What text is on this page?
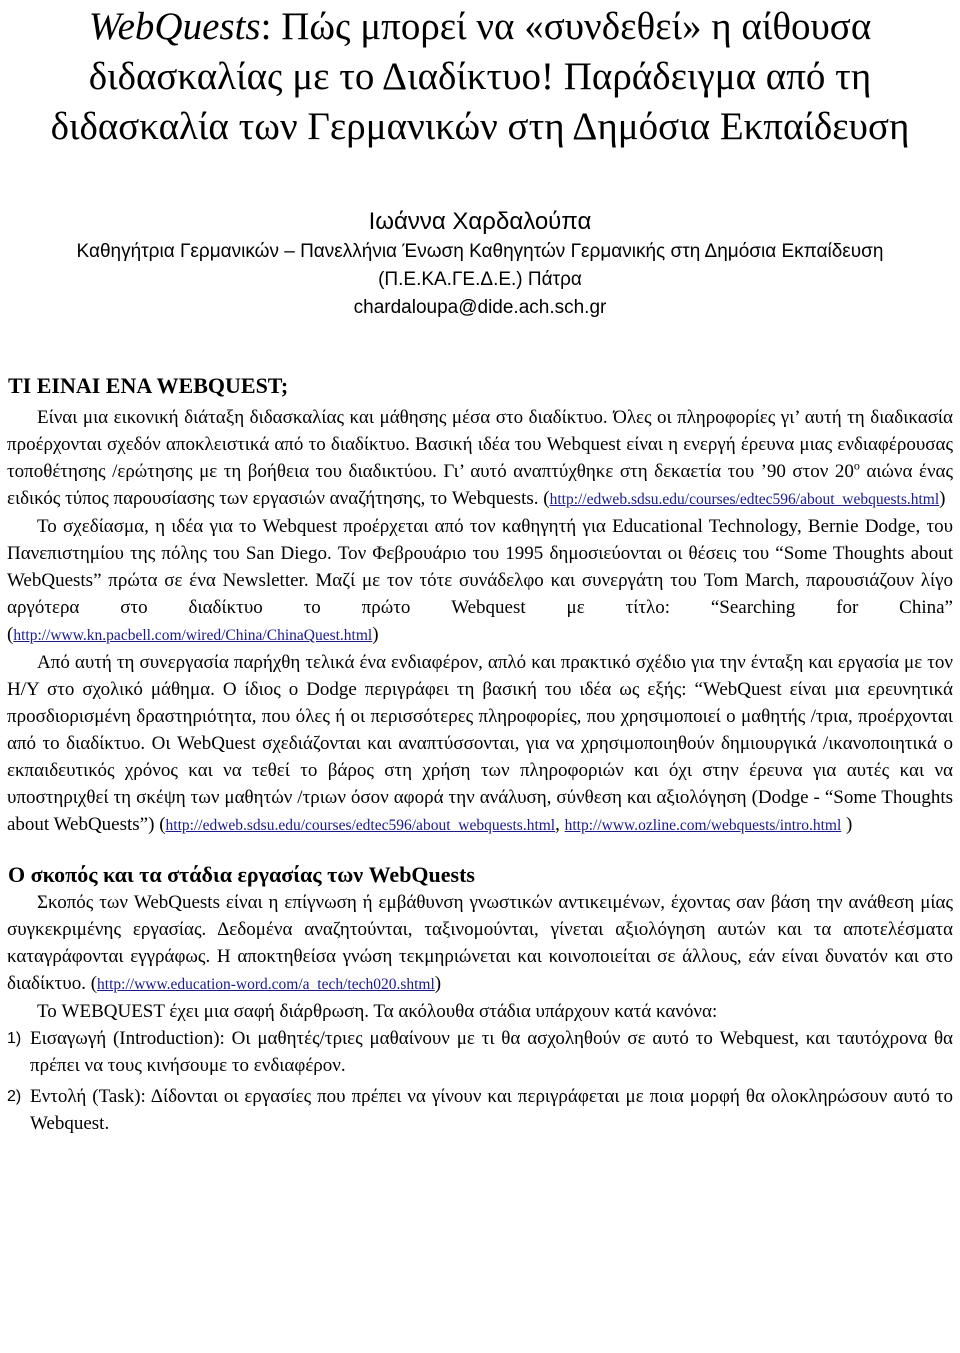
WebQuests: Πώς μπορεί να «συνδεθεί» η αίθουσα διδασκαλίας με το Διαδίκτυο! Παράδειγμα από τη διδασκαλία των Γερμανικών στη Δημόσια Εκπαίδευση
Ιωάννα Χαρδαλούπα
Καθηγήτρια Γερμανικών – Πανελλήνια Ένωση Καθηγητών Γερμανικής στη Δημόσια Εκπαίδευση
(Π.Ε.ΚΑ.ΓΕ.Δ.Ε.) Πάτρα
chardaloupa@dide.ach.sch.gr
ΤΙ ΕΙΝΑΙ ΕΝΑ WEBQUEST;

Είναι μια εικονική διάταξη διδασκαλίας και μάθησης μέσα στο διαδίκτυο. Όλες οι πληροφορίες γι’ αυτή τη διαδικασία προέρχονται σχεδόν αποκλειστικά από το διαδίκτυο. Βασική ιδέα του Webquest είναι η ενεργή έρευνα μιας ενδιαφέρουσας τοποθέτησης /ερώτησης με τη βοήθεια του διαδικτύου. Γι’ αυτό αναπτύχθηκε στη δεκαετία του ’90 στον $20^o$ αιώνα ένας ειδικός τύπος παρουσίασης των εργασιών αναζήτησης, το Webquests. (http://edweb.sdsu.edu/courses/edtec596/about_webquests.html)

Το σχεδίασμα, η ιδέα για το Webquest προέρχεται από τον καθηγητή για Educational Technology, Bernie Dodge, του Πανεπιστημίου της πόλης του San Diego. Τον Φεβρουάριο του 1995 δημοσιεύονται οι θέσεις του “Some Thoughts about WebQuests” πρώτα σε ένα Newsletter. Μαζί με τον τότε συνάδελφο και συνεργάτη του Tom March, παρουσιάζουν λίγο αργότερα στο διαδίκτυο το πρώτο Webquest με τίτλο: “Searching for China” (http://www.kn.pacbell.com/wired/China/ChinaQuest.html)

Από αυτή τη συνεργασία παρήχθη τελικά ένα ενδιαφέρον, απλό και πρακτικό σχέδιο για την ένταξη και εργασία με τον Η/Υ στο σχολικό μάθημα. Ο ίδιος ο Dodge περιγράφει τη βασική του ιδέα ως εξής: “WebQuest είναι μια ερευνητικά προσδιορισμένη δραστηριότητα, που όλες ή οι περισσότερες πληροφορίες, που χρησιμοποιεί ο μαθητής /τρια, προέρχονται από το διαδίκτυο. Οι WebQuest σχεδιάζονται και αναπτύσσονται, για να χρησιμοποιηθούν δημιουργικά /ικανοποιητικά ο εκπαιδευτικός χρόνος και να τεθεί το βάρος στη χρήση των πληροφοριών και όχι στην έρευνα για αυτές και να υποστηριχθεί τη σκέψη των μαθητών /τριων όσον αφορά την ανάλυση, σύνθεση και αξιολόγηση (Dodge - “Some Thoughts about WebQuests”) (http://edweb.sdsu.edu/courses/edtec596/about_webquests.html, http://www.ozline.com/webquests/intro.html )

Ο σκοπός και τα στάδια εργασίας των WebQuests

Σκοπός των WebQuests είναι η επίγνωση ή εμβάθυνση γνωστικών αντικειμένων, έχοντας σαν βάση την ανάθεση μίας συγκεκριμένης εργασίας. Δεδομένα αναζητούνται, ταξινομούνται, γίνεται αξιολόγηση αυτών και τα αποτελέσματα καταγράφονται εγγράφως. Η αποκτηθείσα γνώση τεκμηριώνεται και κοινοποιείται σε άλλους, εάν είναι δυνατόν και στο διαδίκτυο. (http://www.education-word.com/a_tech/tech020.shtml)

Το WEBQUEST έχει μια σαφή διάρθρωση. Τα ακόλουθα στάδια υπάρχουν κατά κανόνα:

1) Εισαγωγή (Introduction): Οι μαθητές/τριες μαθαίνουν με τι θα ασχοληθούν σε αυτό το Webquest, και ταυτόχρονα θα πρέπει να τους κινήσουμε το ενδιαφέρον.
2) Εντολή (Task): Δίδονται οι εργασίες που πρέπει να γίνουν και περιγράφεται με ποια μορφή θα ολοκληρώσουν αυτό το Webquest.
